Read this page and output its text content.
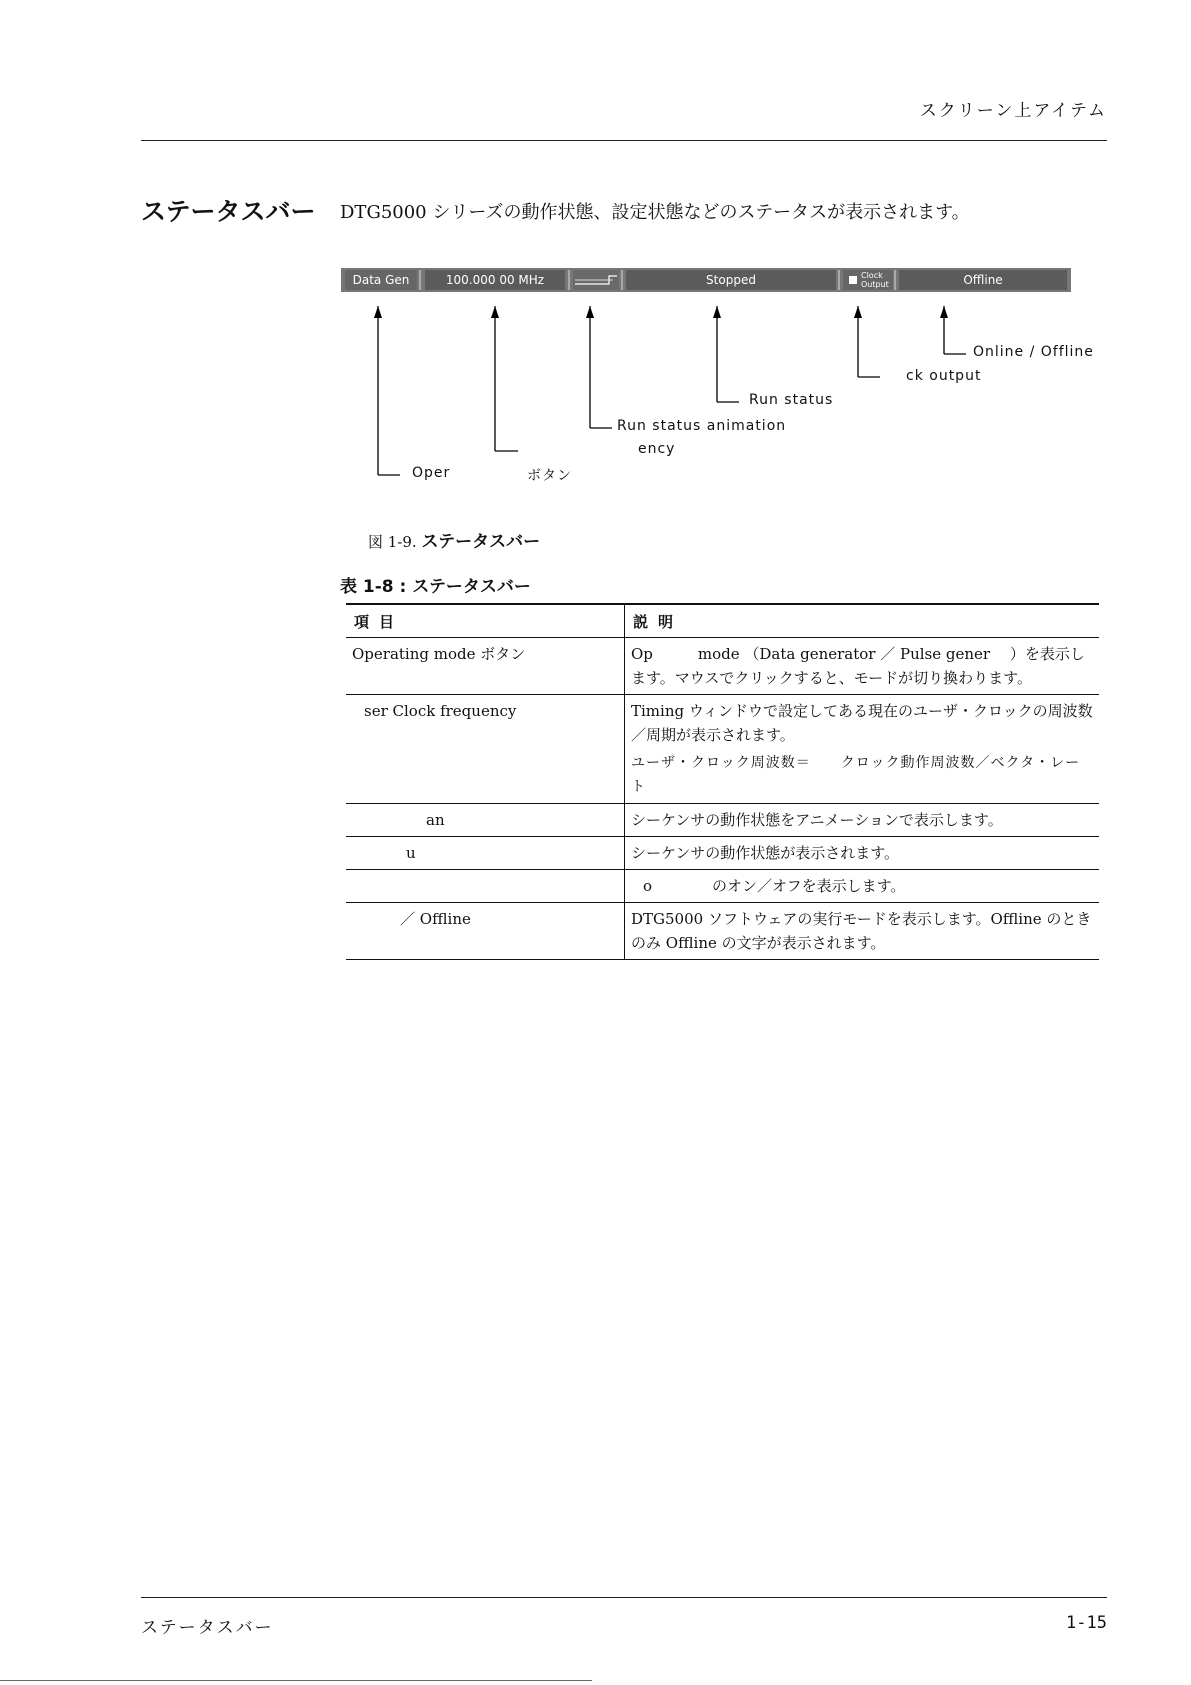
スクリーン上アイテム
ステータスバー DTG5000 シリーズの動作状態、設定状態などのステータスが表示されます。
Data Gen	100.000 00 MHz	Stopped	Clock
Output	Offline
Oper	ボタン
ency
Run status animation
Run status
ck output
Online / Offline
図 1-9. ステータスバー
表 1-8 : ステータスバー
項目	説明
Operating mode ボタン	Op　　　mode （Data generator ／ Pulse gener　 ）を表示します。マウスでクリックすると、モードが切り換わります。
ser Clock frequency	Timing ウィンドウで設定してある現在のユーザ・クロックの周波数／周期が表示されます。
ユーザ・クロック周波数＝　　クロック動作周波数／ベクタ・レート

an	シーケンサの動作状態をアニメーションで表示します。
u	シーケンサの動作状態が表示されます。
	o　　　　のオン／オフを表示します。
／ Offline	DTG5000 ソフトウェアの実行モードを表示します。Offline のときのみ Offline の文字が表示されます。
ステータスバー	1-15
